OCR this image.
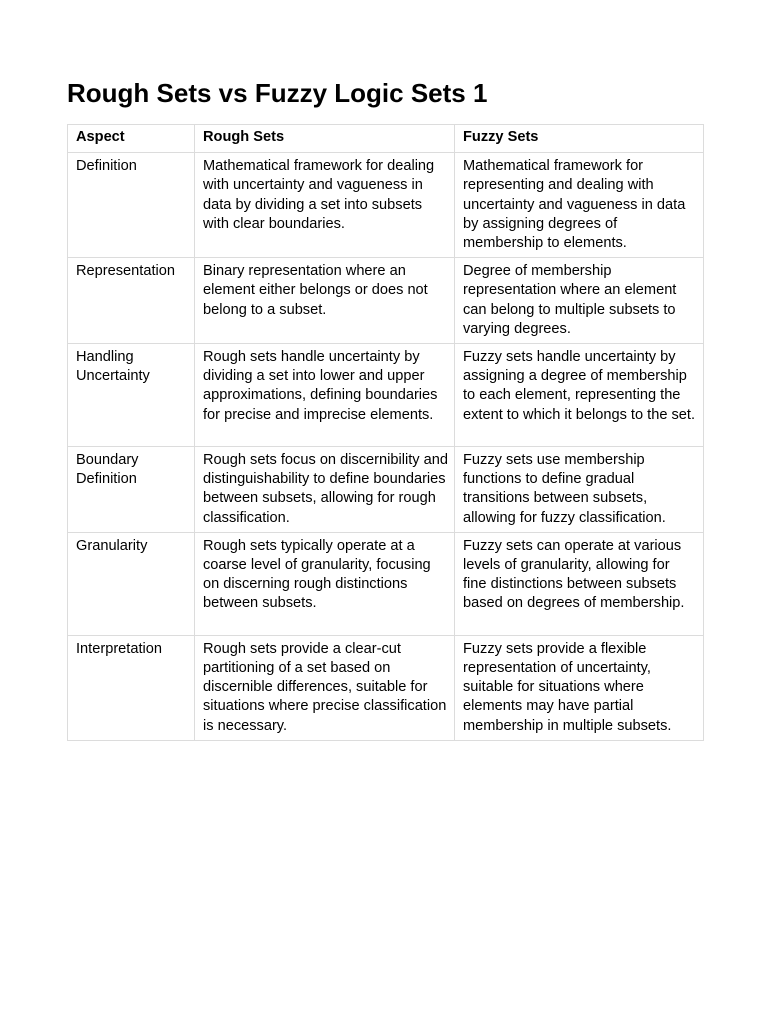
Rough Sets vs Fuzzy Logic Sets 1
Aspect	Rough Sets	Fuzzy Sets
Definition	Mathematical framework for dealing with uncertainty and vagueness in data by dividing a set into subsets with clear boundaries.	Mathematical framework for representing and dealing with uncertainty and vagueness in data by assigning degrees of membership to elements.
Representation	Binary representation where an element either belongs or does not belong to a subset.	Degree of membership representation where an element can belong to multiple subsets to varying degrees.
Handling Uncertainty	Rough sets handle uncertainty by dividing a set into lower and upper approximations, defining boundaries for precise and imprecise elements.	Fuzzy sets handle uncertainty by assigning a degree of membership to each element, representing the extent to which it belongs to the set.
Boundary Definition	Rough sets focus on discernibility and distinguishability to define boundaries between subsets, allowing for rough classification.	Fuzzy sets use membership functions to define gradual transitions between subsets, allowing for fuzzy classification.
Granularity	Rough sets typically operate at a coarse level of granularity, focusing on discerning rough distinctions between subsets.	Fuzzy sets can operate at various levels of granularity, allowing for fine distinctions between subsets based on degrees of membership.
Interpretation	Rough sets provide a clear-cut partitioning of a set based on discernible differences, suitable for situations where precise classification is necessary.	Fuzzy sets provide a flexible representation of uncertainty, suitable for situations where elements may have partial membership in multiple subsets.
